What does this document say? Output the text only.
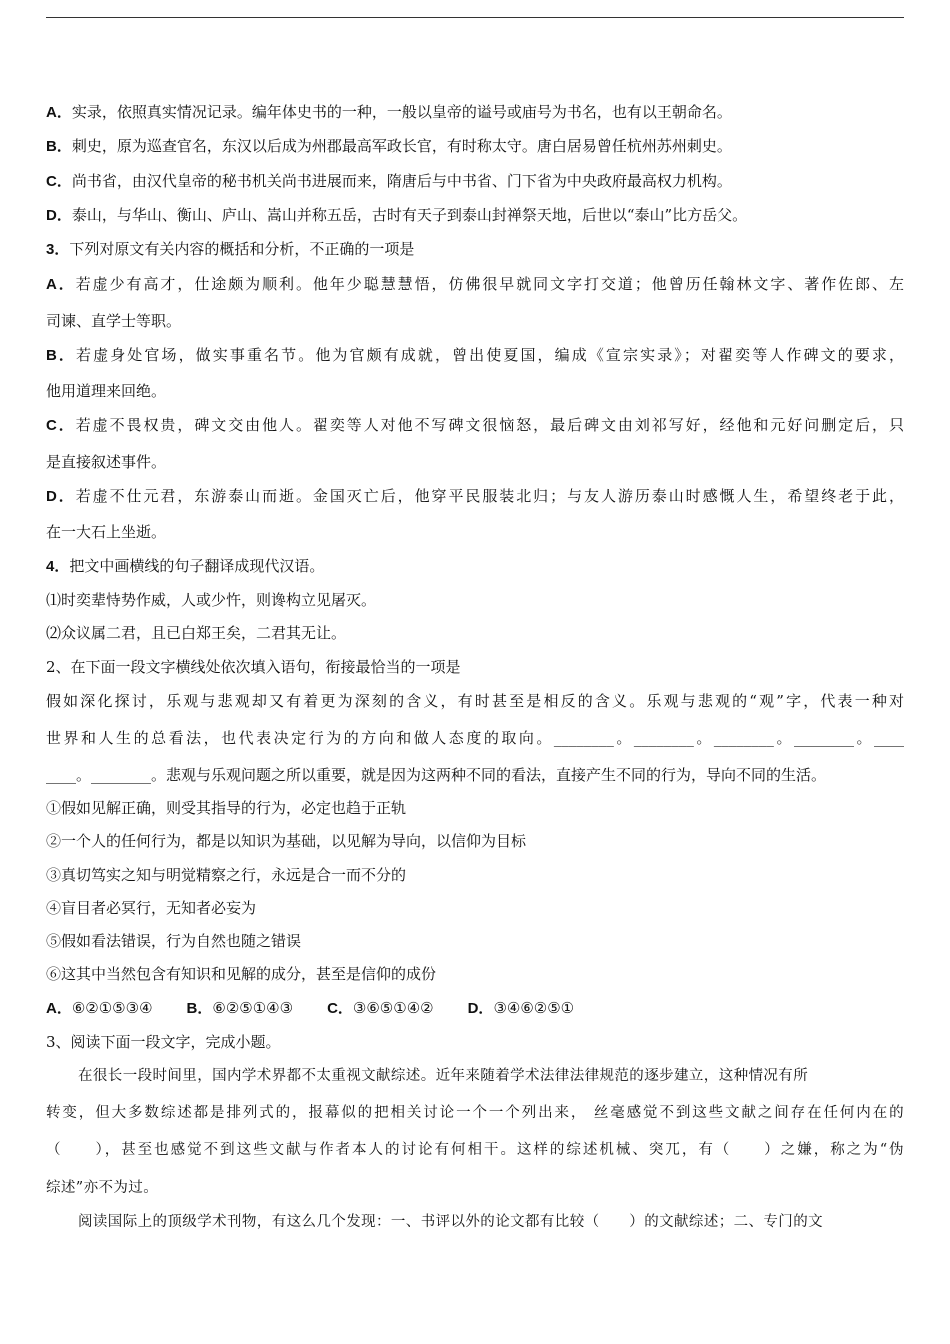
A．实录，依照真实情况记录。编年体史书的一种，一般以皇帝的谥号或庙号为书名，也有以王朝命名。
B．刺史，原为巡查官名，东汉以后成为州郡最高军政长官，有时称太守。唐白居易曾任杭州苏州刺史。
C．尚书省，由汉代皇帝的秘书机关尚书进展而来，隋唐后与中书省、门下省为中央政府最高权力机构。
D．泰山，与华山、衡山、庐山、嵩山并称五岳，古时有天子到泰山封禅祭天地，后世以“泰山”比方岳父。
3．下列对原文有关内容的概括和分析，不正确的一项是
A．若虚少有高才，仕途颇为顺利。他年少聪慧慧悟，仿佛很早就同文字打交道；他曾历任翰林文字、著作佐郎、左
司谏、直学士等职。
B．若虚身处官场，做实事重名节。他为官颇有成就，曾出使夏国，编成《宣宗实录》；对翟奕等人作碑文的要求，
他用道理来回绝。
C．若虚不畏权贵，碑文交由他人。翟奕等人对他不写碑文很恼怒，最后碑文由刘祁写好，经他和元好问删定后，只
是直接叙述事件。
D．若虚不仕元君，东游泰山而逝。金国灭亡后，他穿平民服装北归；与友人游历泰山时感慨人生，希望终老于此，
在一大石上坐逝。
4．把文中画横线的句子翻译成现代汉语。
⑴时奕辈恃势作威，人或少忤，则谗构立见屠灭。
⑵众议属二君，且已白郑王矣，二君其无让。
2、在下面一段文字横线处依次填入语句，衔接最恰当的一项是
假如深化探讨，乐观与悲观却又有着更为深刻的含义，有时甚至是相反的含义。乐观与悲观的“观”字，代表一种对
世界和人生的总看法，也代表决定行为的方向和做人态度的取向。________。________。________。________。____
____。________。悲观与乐观问题之所以重要，就是因为这两种不同的看法，直接产生不同的行为，导向不同的生活。
①假如见解正确，则受其指导的行为，必定也趋于正轨
②一个人的任何行为，都是以知识为基础，以见解为导向，以信仰为目标
③真切笃实之知与明觉精察之行，永远是合一而不分的
④盲目者必冥行，无知者必妄为
⑤假如看法错误，行为自然也随之错误
⑥这其中当然包含有知识和见解的成分，甚至是信仰的成份
3、阅读下面一段文字，完成小题。
在很长一段时间里，国内学术界都不太重视文献综述。近年来随着学术法律法律规范的逐步建立，这种情况有所
转变，但大多数综述都是排列式的，报幕似的把相关讨论一个一个列出来， 丝毫感觉不到这些文献之间存在任何内在的
（　　），甚至也感觉不到这些文献与作者本人的讨论有何相干。这样的综述机械、突兀，有（　　）之嫌，称之为“伪
综述”亦不为过。
阅读国际上的顶级学术刊物，有这么几个发现：一、书评以外的论文都有比较（　　）的文献综述；二、专门的文
A．⑥②①⑤③④ B．⑥②⑤①④③ C．③⑥⑤①④② D．③④⑥②⑤①
